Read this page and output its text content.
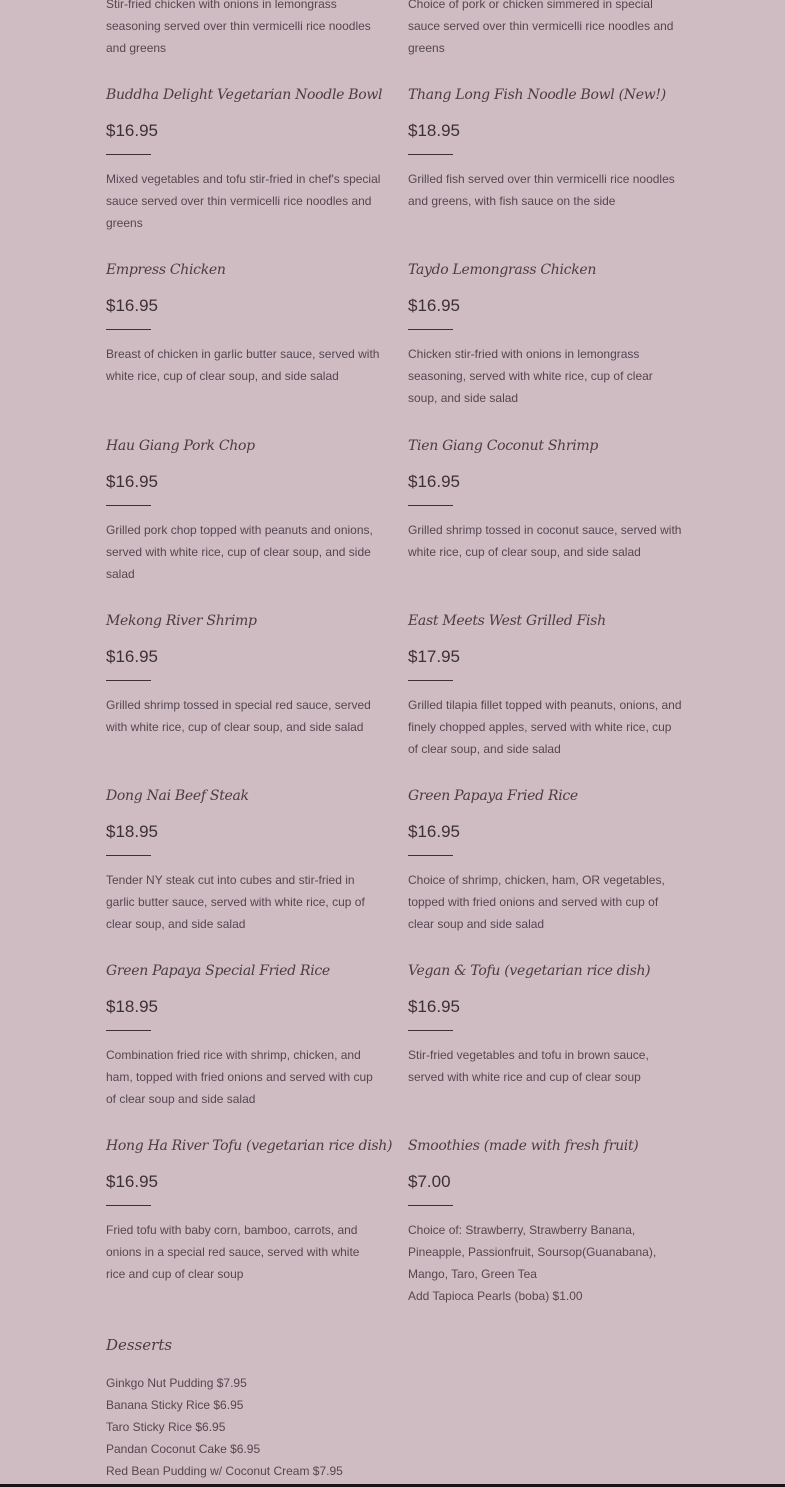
Stir-fried chicken with onions in lemongrass seasoning served over thin vermicelli rice noodles and greens

Buddha Delight Vegetarian Noodle Bowl
$16.95

Mixed vegetables and tofu stir-fried in chef's special sauce served over thin vermicelli rice noodles and greens

Empress Chicken
$16.95

Breast of chicken in garlic butter sauce, served with white rice, cup of clear soup, and side salad

Hau Giang Pork Chop
$16.95

Grilled pork chop topped with peanuts and onions, served with white rice, cup of clear soup, and side salad

Mekong River Shrimp
$16.95

Grilled shrimp tossed in special red sauce, served with white rice, cup of clear soup, and side salad

Dong Nai Beef Steak
$18.95

Tender NY steak cut into cubes and stir-fried in garlic butter sauce, served with white rice, cup of clear soup, and side salad

Green Papaya Special Fried Rice
$18.95

Combination fried rice with shrimp, chicken, and ham, topped with fried onions and served with cup of clear soup and side salad

Hong Ha River Tofu (vegetarian rice dish)
$16.95

Fried tofu with baby corn, bamboo, carrots, and onions in a special red sauce, served with white rice and cup of clear soup

Choice of pork or chicken simmered in special sauce served over thin vermicelli rice noodles and greens

Thang Long Fish Noodle Bowl (New!)
$18.95

Grilled fish served over thin vermicelli rice noodles and greens, with fish sauce on the side

Taydo Lemongrass Chicken
$16.95

Chicken stir-fried with onions in lemongrass seasoning, served with white rice, cup of clear soup, and side salad

Tien Giang Coconut Shrimp
$16.95

Grilled shrimp tossed in coconut sauce, served with white rice, cup of clear soup, and side salad

East Meets West Grilled Fish
$17.95

Grilled tilapia fillet topped with peanuts, onions, and finely chopped apples, served with white rice, cup of clear soup, and side salad

Green Papaya Fried Rice
$16.95

Choice of shrimp, chicken, ham, OR vegetables, topped with fried onions and served with cup of clear soup and side salad

Vegan & Tofu (vegetarian rice dish)
$16.95

Stir-fried vegetables and tofu in brown sauce, served with white rice and cup of clear soup

Smoothies (made with fresh fruit)
$7.00

Choice of: Strawberry, Strawberry Banana, Pineapple, Passionfruit, Soursop(Guanabana), Mango, Taro, Green Tea

Add Tapioca Pearls (boba) $1.00

Desserts
Ginkgo Nut Pudding $7.95
Banana Sticky Rice $6.95
Taro Sticky Rice $6.95
Pandan Coconut Cake $6.95
Red Bean Pudding w/ Coconut Cream $7.95
